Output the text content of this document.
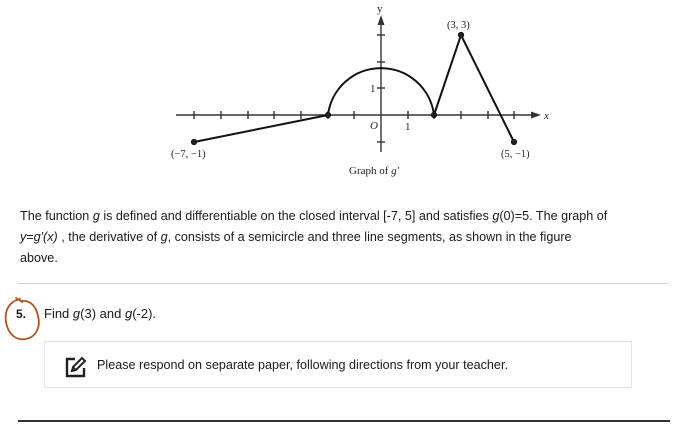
y
x
O 1
1
(−7, −1)
(3, 3)
(5, −1)
Graph of g′
The function g is defined and differentiable on the closed interval [-7, 5] and satisfies g(0)=5. The graph of
y=g′(x) , the derivative of g, consists of a semicircle and three line segments, as shown in the figure
above.
5. Find g(3) and g(-2).
Please respond on separate paper, following directions from your teacher.
